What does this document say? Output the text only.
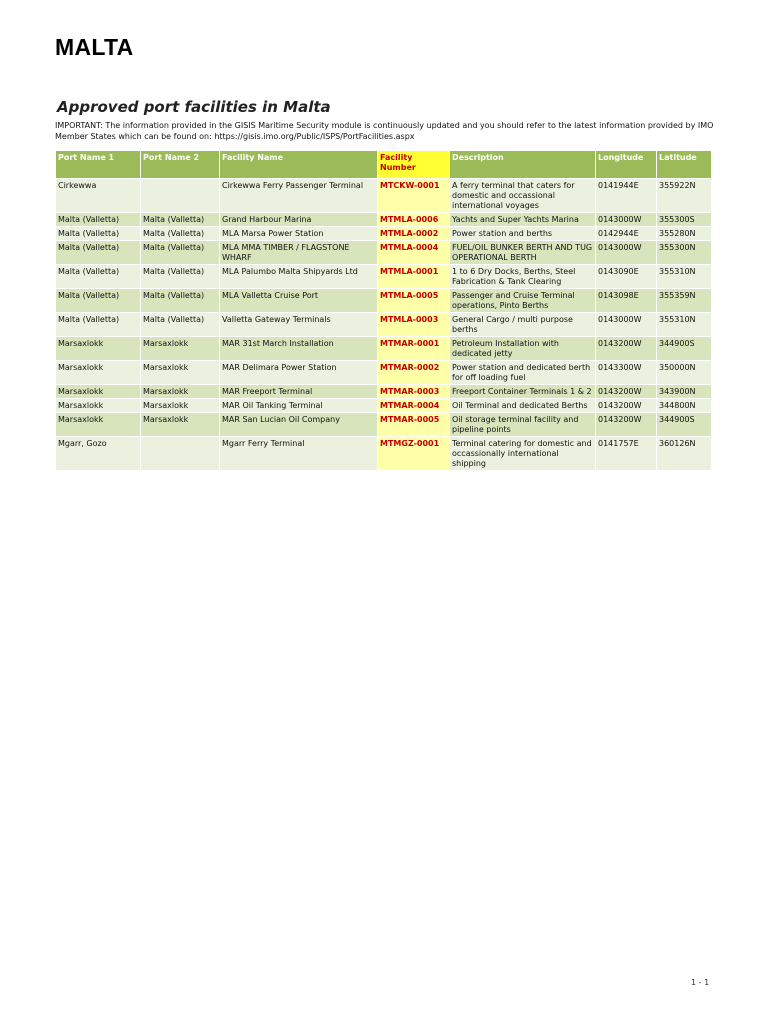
MALTA
Approved port facilities in Malta

IMPORTANT: The information provided in the GISIS Maritime Security module is continuously updated and you should refer to the latest information provided by IMO Member States which can be found on: https://gisis.imo.org/Public/ISPS/PortFacilities.aspx

Port Name 1	Port Name 2	Facility Name	Facility Number	Description	Longitude	Latitude
Cirkewwa		Cirkewwa Ferry Passenger Terminal	MTCKW-0001	A ferry terminal that caters for domestic and occassional international voyages	0141944E	355922N
Malta (Valletta)	Malta (Valletta)	Grand Harbour Marina	MTMLA-0006	Yachts and Super Yachts Marina	0143000W	355300S
Malta (Valletta)	Malta (Valletta)	MLA Marsa Power Station	MTMLA-0002	Power station and berths	0142944E	355280N
Malta (Valletta)	Malta (Valletta)	MLA MMA TIMBER / FLAGSTONE WHARF	MTMLA-0004	FUEL/OIL BUNKER BERTH AND TUG OPERATIONAL BERTH	0143000W	355300N
Malta (Valletta)	Malta (Valletta)	MLA Palumbo Malta Shipyards Ltd	MTMLA-0001	1 to 6 Dry Docks, Berths, Steel Fabrication & Tank Clearing	0143090E	355310N
Malta (Valletta)	Malta (Valletta)	MLA Valletta Cruise Port	MTMLA-0005	Passenger and Cruise Terminal operations, Pinto Berths	0143098E	355359N
Malta (Valletta)	Malta (Valletta)	Valletta Gateway Terminals	MTMLA-0003	General Cargo / multi purpose berths	0143000W	355310N
Marsaxlokk	Marsaxlokk	MAR 31st March Installation	MTMAR-0001	Petroleum Installation with dedicated jetty	0143200W	344900S
Marsaxlokk	Marsaxlokk	MAR Delimara Power Station	MTMAR-0002	Power station and dedicated berth for off loading fuel	0143300W	350000N
Marsaxlokk	Marsaxlokk	MAR Freeport Terminal	MTMAR-0003	Freeport Container Terminals 1 & 2	0143200W	343900N
Marsaxlokk	Marsaxlokk	MAR Oil Tanking Terminal	MTMAR-0004	Oil Terminal and dedicated Berths	0143200W	344800N
Marsaxlokk	Marsaxlokk	MAR San Lucian Oil Company	MTMAR-0005	Oil storage terminal facility and pipeline points	0143200W	344900S
Mgarr, Gozo		Mgarr Ferry Terminal	MTMGZ-0001	Terminal catering for domestic and occassionally international shipping	0141757E	360126N
1 - 1
